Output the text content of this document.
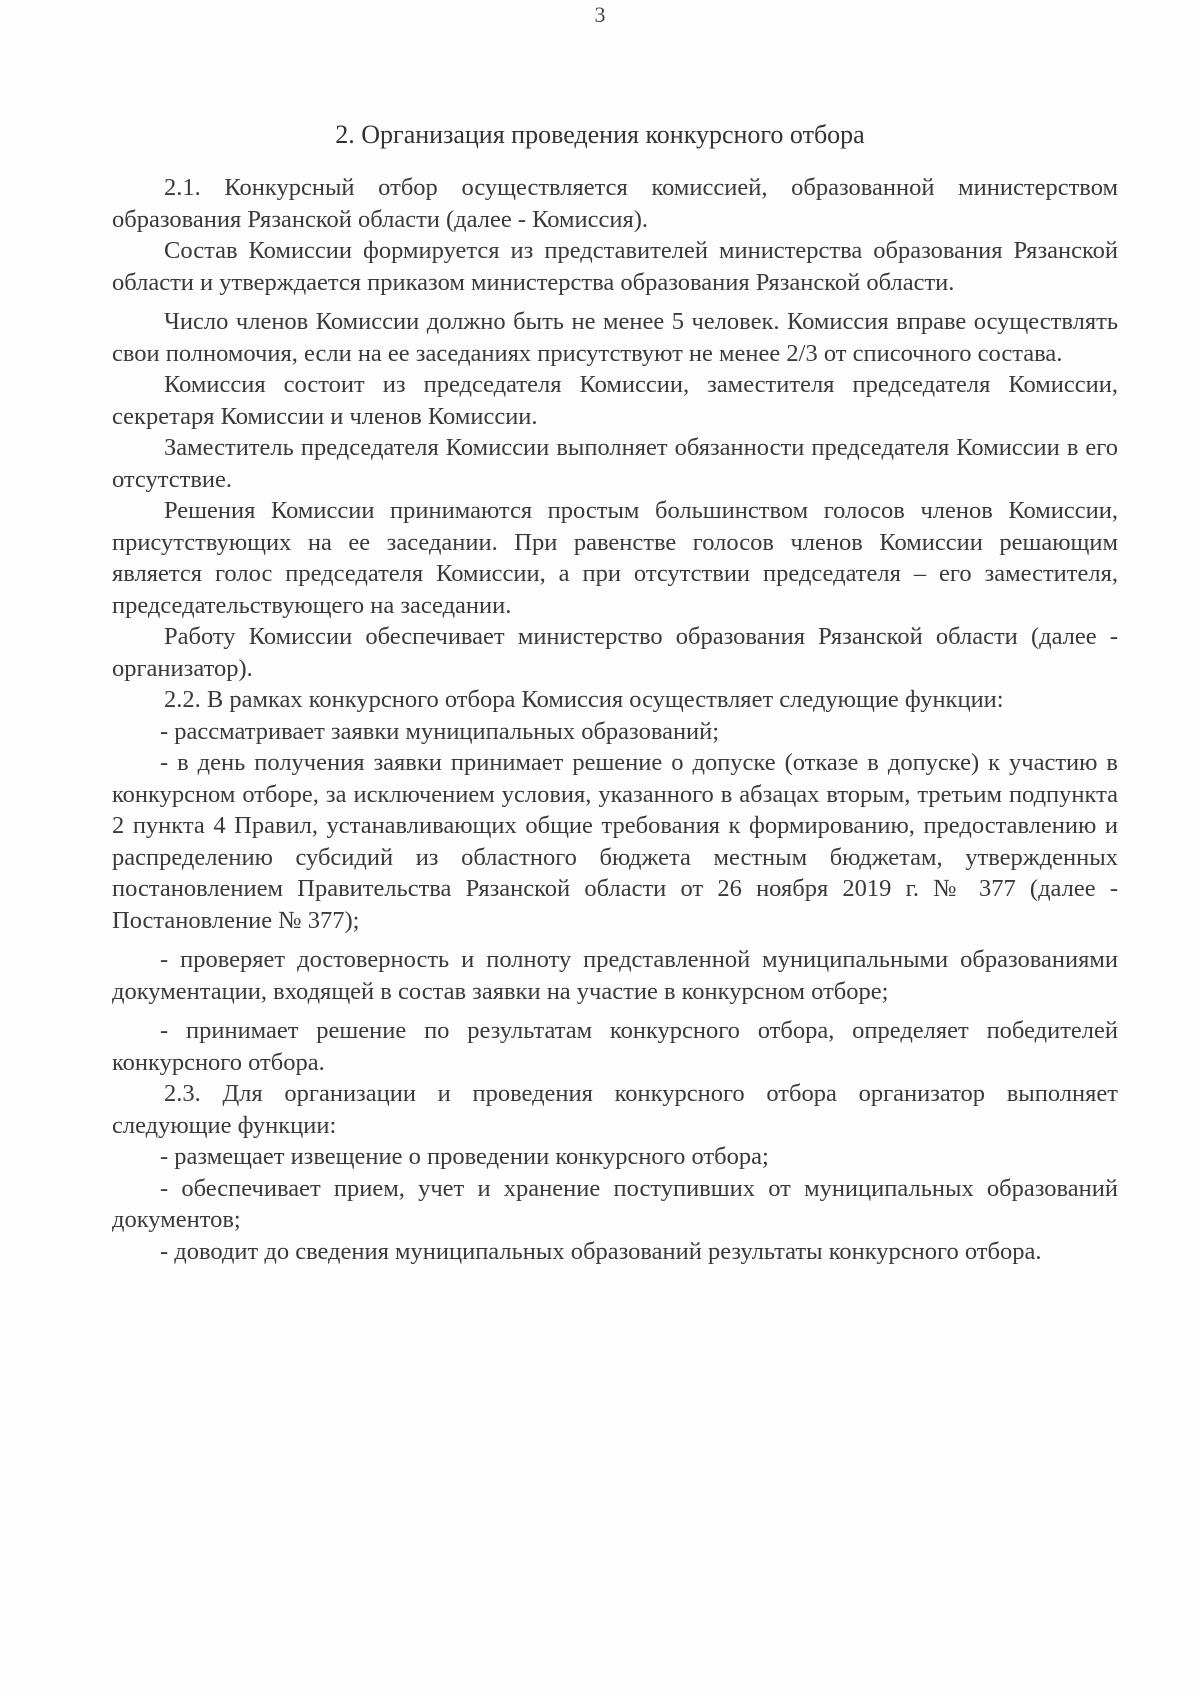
3
2. Организация проведения конкурсного отбора

2.1. Конкурсный отбор осуществляется комиссией, образованной министерством образования Рязанской области (далее - Комиссия).

Состав Комиссии формируется из представителей министерства образования Рязанской области и утверждается приказом министерства образования Рязанской области.

Число членов Комиссии должно быть не менее 5 человек. Комиссия вправе осуществлять свои полномочия, если на ее заседаниях присутствуют не менее 2/3 от списочного состава.

Комиссия состоит из председателя Комиссии, заместителя председателя Комиссии, секретаря Комиссии и членов Комиссии.

Заместитель председателя Комиссии выполняет обязанности председателя Комиссии в его отсутствие.

Решения Комиссии принимаются простым большинством голосов членов Комиссии, присутствующих на ее заседании. При равенстве голосов членов Комиссии решающим является голос председателя Комиссии, а при отсутствии председателя – его заместителя, председательствующего на заседании.

Работу Комиссии обеспечивает министерство образования Рязанской области (далее - организатор).

2.2. В рамках конкурсного отбора Комиссия осуществляет следующие функции:

- рассматривает заявки муниципальных образований;

- в день получения заявки принимает решение о допуске (отказе в допуске) к участию в конкурсном отборе, за исключением условия, указанного в абзацах вторым, третьим подпункта 2 пункта 4 Правил, устанавливающих общие требования к формированию, предоставлению и распределению субсидий из областного бюджета местным бюджетам, утвержденных постановлением Правительства Рязанской области от 26 ноября 2019 г. № 377 (далее - Постановление № 377);

- проверяет достоверность и полноту представленной муниципальными образованиями документации, входящей в состав заявки на участие в конкурсном отборе;

- принимает решение по результатам конкурсного отбора, определяет победителей конкурсного отбора.

2.3. Для организации и проведения конкурсного отбора организатор выполняет следующие функции:

- размещает извещение о проведении конкурсного отбора;

- обеспечивает прием, учет и хранение поступивших от муниципальных образований документов;

- доводит до сведения муниципальных образований результаты конкурсного отбора.
